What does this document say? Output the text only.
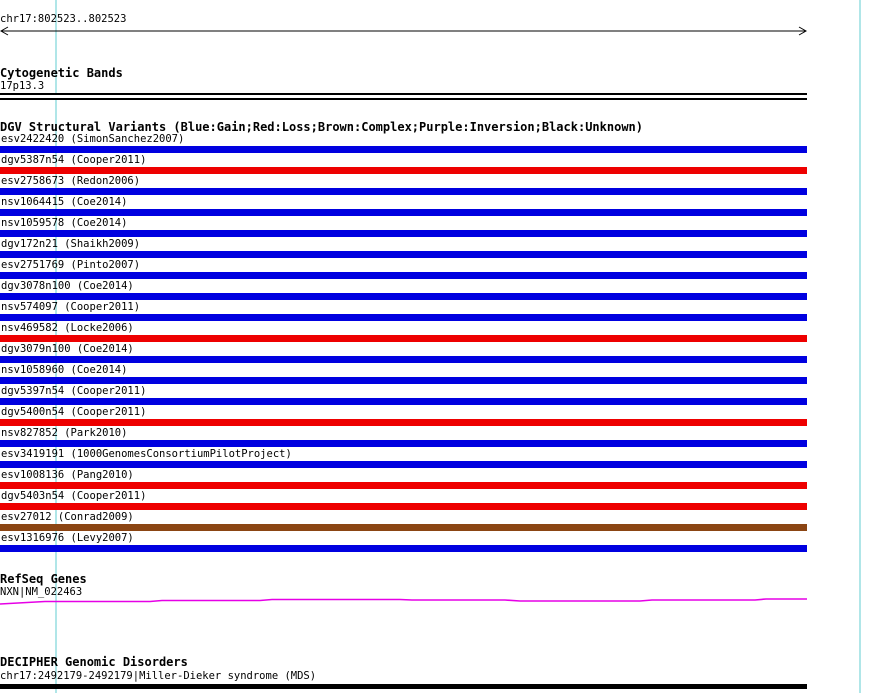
chr17:802523..802523
Cytogenetic Bands
17p13.3
DGV Structural Variants (Blue:Gain;Red:Loss;Brown:Complex;Purple:Inversion;Black:Unknown)
esv2422420 (SimonSanchez2007)
dgv5387n54 (Cooper2011)
esv2758673 (Redon2006)
nsv1064415 (Coe2014)
nsv1059578 (Coe2014)
dgv172n21 (Shaikh2009)
esv2751769 (Pinto2007)
dgv3078n100 (Coe2014)
nsv574097 (Cooper2011)
nsv469582 (Locke2006)
dgv3079n100 (Coe2014)
nsv1058960 (Coe2014)
dgv5397n54 (Cooper2011)
dgv5400n54 (Cooper2011)
nsv827852 (Park2010)
esv3419191 (1000GenomesConsortiumPilotProject)
esv1008136 (Pang2010)
dgv5403n54 (Cooper2011)
esv27012 (Conrad2009)
esv1316976 (Levy2007)
RefSeq Genes
NXN|NM_022463
DECIPHER Genomic Disorders
chr17:2492179-2492179|Miller-Dieker syndrome (MDS)
